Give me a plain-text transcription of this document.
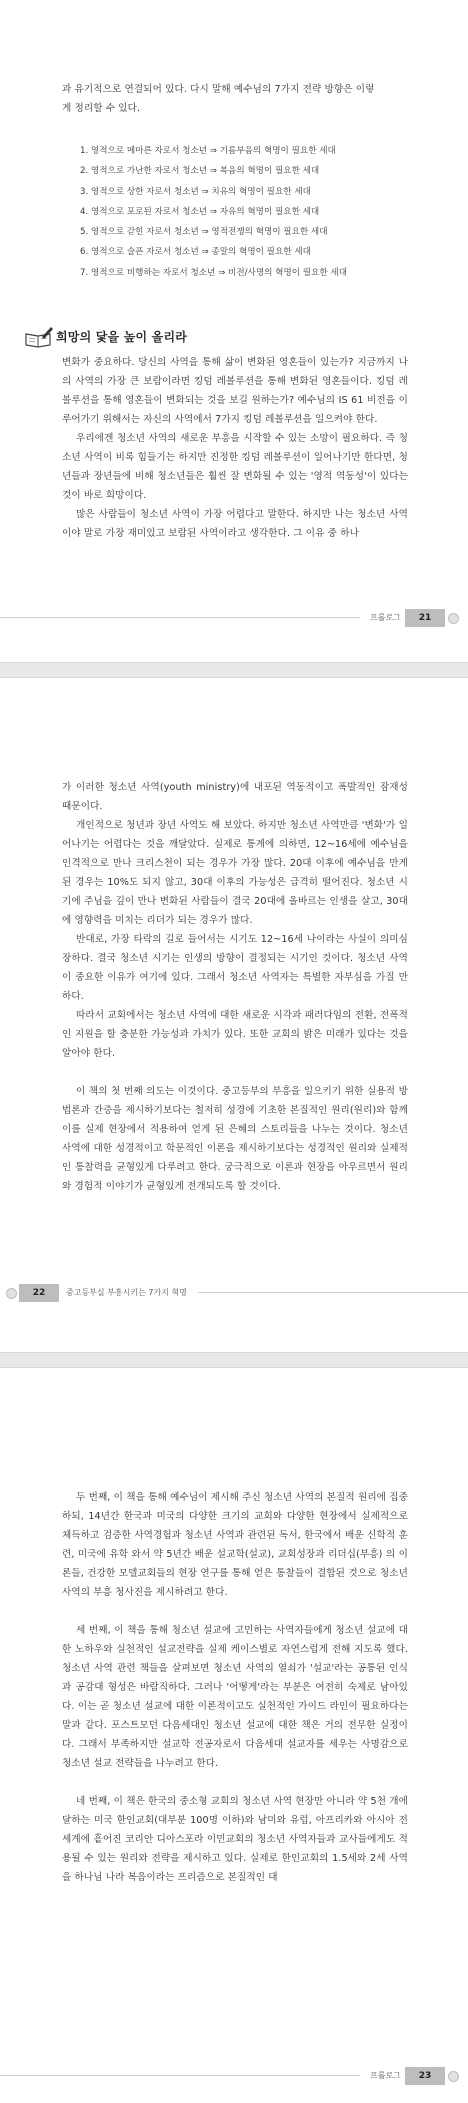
과 유기적으로 연결되어 있다. 다시 말해 예수님의 7가지 전략 방향은 이렇

게 정리할 수 있다.

1. 영적으로 메마른 자로서 청소년 ⇒ 기름부음의 혁명이 필요한 세대
2. 영적으로 가난한 자로서 청소년 ⇒ 복음의 혁명이 필요한 세대
3. 영적으로 상한 자로서 청소년 ⇒ 치유의 혁명이 필요한 세대
4. 영적으로 포로된 자로서 청소년 ⇒ 자유의 혁명이 필요한 세대
5. 영적으로 갇힌 자로서 청소년 ⇒ 영적전쟁의 혁명이 필요한 세대
6. 영적으로 슬픈 자로서 청소년 ⇒ 종말의 혁명이 필요한 세대
7. 영적으로 비행하는 자로서 청소년 ⇒ 비전/사명의 혁명이 필요한 세대
희망의 닻을 높이 올리라

변화가 중요하다. 당신의 사역을 통해 삶이 변화된 영혼들이 있는가? 지금까지 나의 사역의 가장 큰 보람이라면 킹덤 레볼루션을 통해 변화된 영혼들이다. 킹덤 레볼루션을 통해 영혼들이 변화되는 것을 보길 원하는가? 예수님의 IS 61 비전을 이루어가기 위해서는 자신의 사역에서 7가지 킹덤 레볼루션을 일으켜야 한다.

우리에겐 청소년 사역의 새로운 부흥을 시작할 수 있는 소망이 필요하다. 즉 청소년 사역이 비록 힘들기는 하지만 진정한 킹덤 레볼루션이 일어나기만 한다면, 청년들과 장년들에 비해 청소년들은 훨씬 잘 변화될 수 있는 '영적 역동성'이 있다는 것이 바로 희망이다.

많은 사람들이 청소년 사역이 가장 어렵다고 말한다. 하지만 나는 청소년 사역이야 말로 가장 재미있고 보람된 사역이라고 생각한다. 그 이유 중 하나

프롤로그	21

가 이러한 청소년 사역(youth ministry)에 내포된 역동적이고 폭발적인 잠재성 때문이다.

개인적으로 청년과 장년 사역도 해 보았다. 하지만 청소년 사역만큼 '변화'가 일어나기는 어렵다는 것을 깨달았다. 실제로 통계에 의하면, 12~16세에 예수님을 인격적으로 만나 크리스천이 되는 경우가 가장 많다. 20대 이후에 예수님을 만게 된 경우는 10%도 되지 않고, 30대 이후의 가능성은 급격히 떨어진다. 청소년 시기에 주님을 깊이 만나 변화된 사람들이 결국 20대에 올바르는 인생을 살고, 30대에 영향력을 미치는 리더가 되는 경우가 많다.

반대로, 가장 타락의 길로 들어서는 시기도 12~16세 나이라는 사실이 의미심장하다. 결국 청소년 시기는 인생의 방향이 결정되는 시기인 것이다. 청소년 사역이 중요한 이유가 여기에 있다. 그래서 청소년 사역자는 특별한 자부심을 가질 만하다.

따라서 교회에서는 청소년 사역에 대한 새로운 시각과 패러다임의 전환, 전폭적인 지원을 할 충분한 가능성과 가치가 있다. 또한 교회의 밝은 미래가 있다는 것을 알아야 한다.

이 책의 첫 번째 의도는 이것이다. 중고등부의 부흥을 일으키기 위한 실용적 방법론과 간증을 제시하기보다는 철저히 성경에 기초한 본질적인 원리(원리)와 함께 이를 실제 현장에서 적용하여 얻게 된 은혜의 스토리들을 나누는 것이다. 청소년 사역에 대한 성경적이고 학문적인 이론을 제시하기보다는 성경적인 원리와 실제적인 통찰력을 균형있게 다루려고 한다. 궁극적으로 이론과 현장을 아우르면서 원리와 경험적 이야기가 균형있게 전개되도록 할 것이다.

22	중고등부실 부흥시키는 7가지 혁명

두 번째, 이 책을 통해 예수님이 제시해 주신 청소년 사역의 본질적 원리에 집중하되, 14년간 한국과 미국의 다양한 크기의 교회와 다양한 현장에서 실제적으로 체득하고 검증한 사역경험과 청소년 사역과 관련된 독서, 한국에서 배운 신학적 훈련, 미국에 유학 와서 약 5년간 배운 설교학(설교), 교회성장과 리더십(부흥) 의 이론들, 건강한 모델교회들의 현장 연구를 통해 얻은 통찰들이 결합된 것으로 청소년 사역의 부흥 청사진을 제시하려고 한다.

세 번째, 이 책을 통해 청소년 설교에 고민하는 사역자들에게 청소년 설교에 대한 노하우와 실천적인 설교전략을 실제 케이스별로 자연스럽게 전해 지도록 했다. 청소년 사역 관련 책들을 살펴보면 청소년 사역의 열쇠가 '설교'라는 공통된 인식과 공감대 형성은 바람직하다. 그러나 '어떻게'라는 부분은 여전히 숙제로 남아있다. 이는 곧 청소년 설교에 대한 이론적이고도 실천적인 가이드 라인이 필요하다는 말과 같다. 포스트모던 다음세대인 청소년 설교에 대한 책은 거의 전무한 실정이다. 그래서 부족하지만 설교학 전공자로서 다음세대 설교자를 세우는 사명감으로 청소년 설교 전략들을 나누려고 한다.

네 번째, 이 책은 한국의 중소형 교회의 청소년 사역 현장만 아니라 약 5천 개에 달하는 미국 한인교회(대부분 100명 이하)와 남미와 유럽, 아프리카와 아시아 전 세계에 흩어진 코리안 디아스포라 이민교회의 청소년 사역자들과 교사들에게도 적용될 수 있는 원리와 전략을 제시하고 있다. 실제로 한인교회의 1.5세와 2세 사역을 하나님 나라 복음이라는 프리즘으로 본질적인 대

프롤로그	23
